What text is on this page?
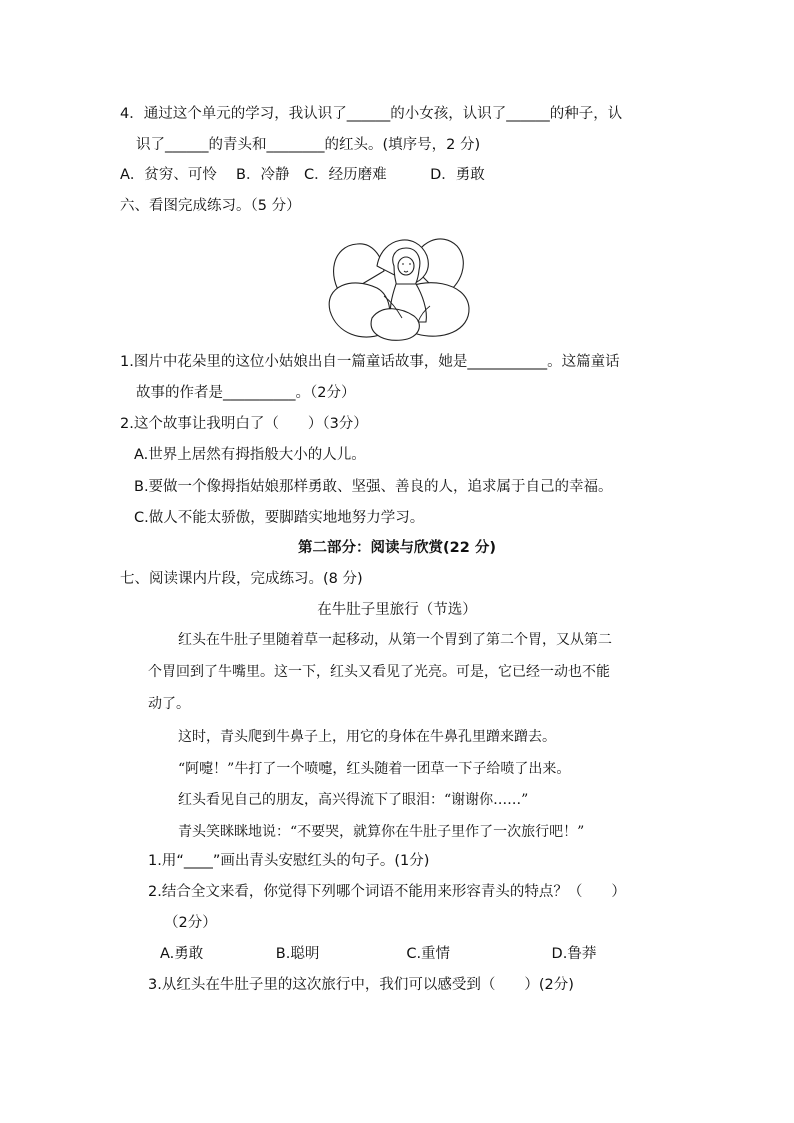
4．通过这个单元的学习，我认识了______的小女孩，认识了______的种子，认
识了______的青头和________的红头。(填序号，2 分)
A．贫穷、可怜　 B．冷静　C．经历磨难　　　D．勇敢
六、看图完成练习。（5 分）
1.图片中花朵里的这位小姑娘出自一篇童话故事，她是___________。这篇童话
故事的作者是__________。（2分）
2.这个故事让我明白了（　　）（3分）
A.世界上居然有拇指般大小的人儿。
B.要做一个像拇指姑娘那样勇敢、坚强、善良的人，追求属于自己的幸福。
C.做人不能太骄傲，要脚踏实地地努力学习。
第二部分：阅读与欣赏(22 分)
七、阅读课内片段，完成练习。(8 分)
在牛肚子里旅行（节选）
红头在牛肚子里随着草一起移动，从第一个胃到了第二个胃，又从第二
个胃回到了牛嘴里。这一下，红头又看见了光亮。可是，它已经一动也不能
动了。
这时，青头爬到牛鼻子上，用它的身体在牛鼻孔里蹭来蹭去。
“阿嚏！”牛打了一个喷嚏，红头随着一团草一下子给喷了出来。
红头看见自己的朋友，高兴得流下了眼泪：“谢谢你……”
青头笑眯眯地说：“不要哭，就算你在牛肚子里作了一次旅行吧！”
1.用“____”画出青头安慰红头的句子。(1分)
2.结合全文来看，你觉得下列哪个词语不能用来形容青头的特点？（　　）
（2分）
A.勇敢　　　　　B.聪明　　　　　　C.重情　　　　　　　D.鲁莽
3.从红头在牛肚子里的这次旅行中，我们可以感受到（　　）(2分)
